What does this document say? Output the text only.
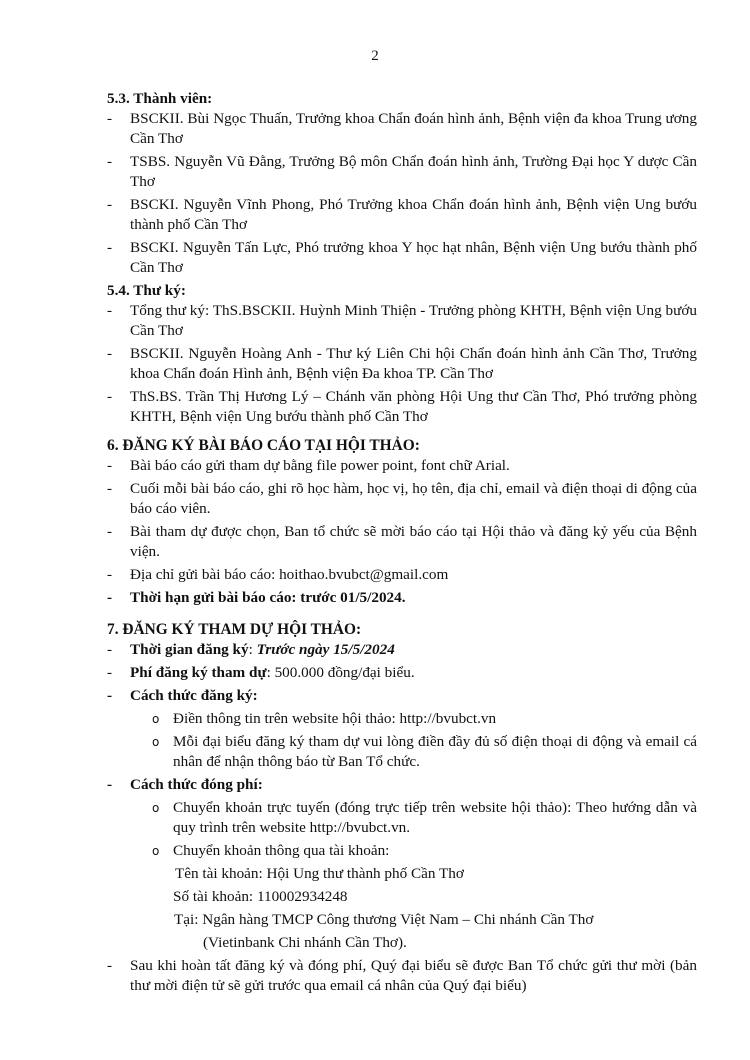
2

5.3. Thành viên:

- BSCKII. Bùi Ngọc Thuấn, Trưởng khoa Chẩn đoán hình ảnh, Bệnh viện đa khoa Trung ương Cần Thơ
- TSBS. Nguyễn Vũ Đằng, Trưởng Bộ môn Chẩn đoán hình ảnh, Trường Đại học Y dược Cần Thơ
- BSCKI. Nguyễn Vĩnh Phong, Phó Trưởng khoa Chẩn đoán hình ảnh, Bệnh viện Ung bướu thành phố Cần Thơ
- BSCKI. Nguyễn Tấn Lực, Phó trưởng khoa Y học hạt nhân, Bệnh viện Ung bướu thành phố Cần Thơ

5.4. Thư ký:

- Tổng thư ký: ThS.BSCKII. Huỳnh Minh Thiện - Trưởng phòng KHTH, Bệnh viện Ung bướu Cần Thơ
- BSCKII. Nguyễn Hoàng Anh - Thư ký Liên Chi hội Chẩn đoán hình ảnh Cần Thơ, Trưởng khoa Chẩn đoán Hình ảnh, Bệnh viện Đa khoa TP. Cần Thơ
- ThS.BS. Trần Thị Hương Lý – Chánh văn phòng Hội Ung thư Cần Thơ, Phó trưởng phòng KHTH, Bệnh viện Ung bướu thành phố Cần Thơ

6. ĐĂNG KÝ BÀI BÁO CÁO TẠI HỘI THẢO:

- Bài báo cáo gửi tham dự bằng file power point, font chữ Arial.
- Cuối mỗi bài báo cáo, ghi rõ học hàm, học vị, họ tên, địa chỉ, email và điện thoại di động của báo cáo viên.
- Bài tham dự được chọn, Ban tổ chức sẽ mời báo cáo tại Hội thảo và đăng kỷ yếu của Bệnh viện.
- Địa chỉ gửi bài báo cáo: hoithao.bvubct@gmail.com
- Thời hạn gửi bài báo cáo: trước 01/5/2024.

7. ĐĂNG KÝ THAM DỰ HỘI THẢO:

- Thời gian đăng ký: Trước ngày 15/5/2024
- Phí đăng ký tham dự: 500.000 đồng/đại biểu.
- Cách thức đăng ký:
o Điền thông tin trên website hội thảo: http://bvubct.vn
o Mỗi đại biểu đăng ký tham dự vui lòng điền đầy đủ số điện thoại di động và email cá nhân để nhận thông báo từ Ban Tổ chức.
- Cách thức đóng phí:
o Chuyển khoản trực tuyến (đóng trực tiếp trên website hội thảo): Theo hướng dẫn và quy trình trên website http://bvubct.vn.
o Chuyển khoản thông qua tài khoản:
Tên tài khoản: Hội Ung thư thành phố Cần Thơ
Số tài khoản: 110002934248
Tại: Ngân hàng TMCP Công thương Việt Nam – Chi nhánh Cần Thơ
(Vietinbank Chi nhánh Cần Thơ).
- Sau khi hoàn tất đăng ký và đóng phí, Quý đại biểu sẽ được Ban Tổ chức gửi thư mời (bản thư mời điện tử sẽ gửi trước qua email cá nhân của Quý đại biểu)
